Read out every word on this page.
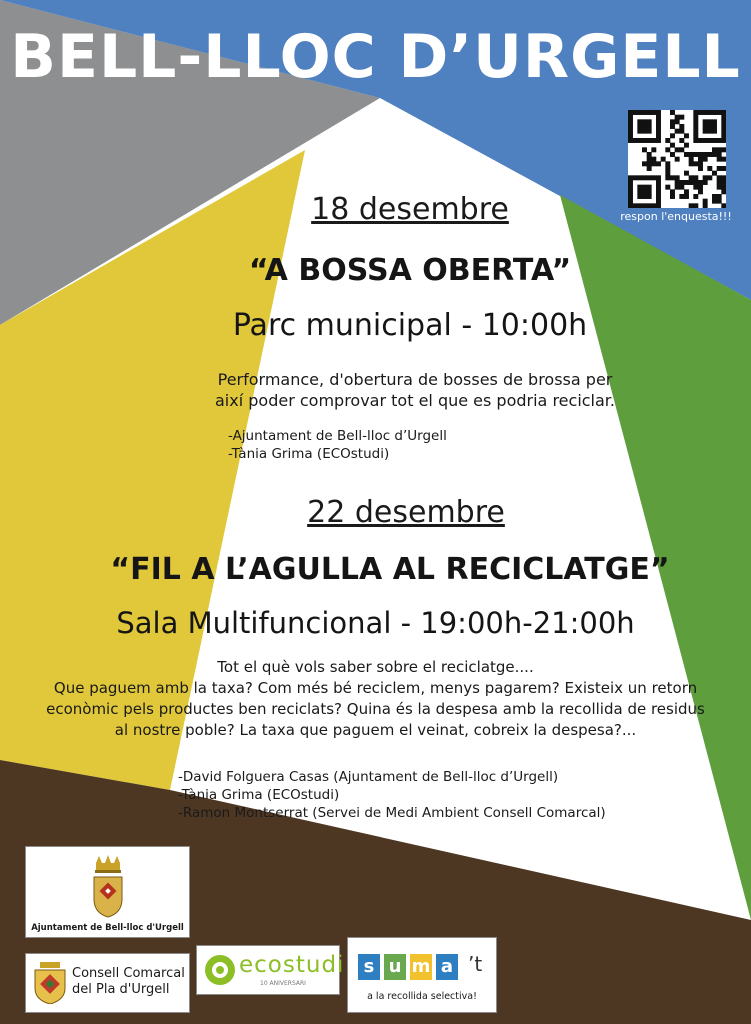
BELL-LLOC D’URGELL
respon l'enquesta!!!
18 desembre
“A BOSSA OBERTA”
Parc municipal - 10:00h
Performance, d'obertura de bosses de brossa per
així poder comprovar tot el que es podria reciclar.
-Ajuntament de Bell-lloc d’Urgell
-Tània Grima (ECOstudi)
22 desembre
“FIL A L’AGULLA AL RECICLATGE”
Sala Multifuncional - 19:00h-21:00h
Tot el què vols saber sobre el reciclatge....
Que paguem amb la taxa? Com més bé reciclem, menys pagarem? Existeix un retorn
econòmic pels productes ben reciclats? Quina és la despesa amb la recollida de residus
al nostre poble? La taxa que paguem el veinat, cobreix la despesa?...
-David Folguera Casas (Ajuntament de Bell-lloc d’Urgell)
-Tània Grima (ECOstudi)
-Ramon Montserrat (Servei de Medi Ambient Consell Comarcal)
Ajuntament de Bell-lloc d'Urgell
Consell Comarcal
del Pla d'Urgell
ecostudi
10 ANIVERSARI
s u m a ’t
a la recollida selectiva!
